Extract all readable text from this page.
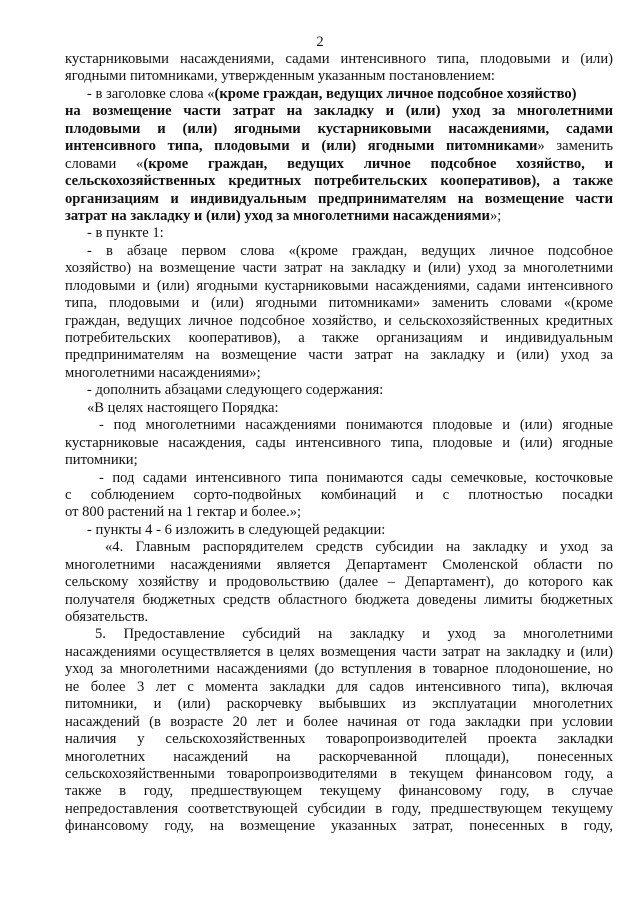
2
кустарниковыми насаждениями, садами интенсивного типа, плодовыми и (или)
ягодными питомниками, утвержденным указанным постановлением:
- в заголовке слова «(кроме граждан, ведущих личное подсобное хозяйство)
на возмещение части затрат на закладку и (или) уход за многолетними
плодовыми и (или) ягодными кустарниковыми насаждениями, садами
интенсивного типа, плодовыми и (или) ягодными питомниками» заменить
словами «(кроме граждан, ведущих личное подсобное хозяйство, и
сельскохозяйственных кредитных потребительских кооперативов), а также
организациям и индивидуальным предпринимателям на возмещение части
затрат на закладку и (или) уход за многолетними насаждениями»;
- в пункте 1:
- в абзаце первом слова «(кроме граждан, ведущих личное подсобное
хозяйство) на возмещение части затрат на закладку и (или) уход за многолетними
плодовыми и (или) ягодными кустарниковыми насаждениями, садами интенсивного
типа, плодовыми и (или) ягодными питомниками» заменить словами «(кроме
граждан, ведущих личное подсобное хозяйство, и сельскохозяйственных кредитных
потребительских кооперативов), а также организациям и индивидуальным
предпринимателям на возмещение части затрат на закладку и (или) уход за
многолетними насаждениями»;
- дополнить абзацами следующего содержания:
«В целях настоящего Порядка:
- под многолетними насаждениями понимаются плодовые и (или) ягодные
кустарниковые насаждения, сады интенсивного типа, плодовые и (или) ягодные
питомники;
- под садами интенсивного типа понимаются сады семечковые, косточковые
с соблюдением сорто-подвойных комбинаций и с плотностью посадки
от 800 растений на 1 гектар и более.»;
- пункты 4 - 6 изложить в следующей редакции:
«4. Главным распорядителем средств субсидии на закладку и уход за
многолетними насаждениями является Департамент Смоленской области по
сельскому хозяйству и продовольствию (далее – Департамент), до которого как
получателя бюджетных средств областного бюджета доведены лимиты бюджетных
обязательств.
5. Предоставление субсидий на закладку и уход за многолетними
насаждениями осуществляется в целях возмещения части затрат на закладку и (или)
уход за многолетними насаждениями (до вступления в товарное плодоношение, но
не более 3 лет с момента закладки для садов интенсивного типа), включая
питомники, и (или) раскорчевку выбывших из эксплуатации многолетних
насаждений (в возрасте 20 лет и более начиная от года закладки при условии
наличия у сельскохозяйственных товаропроизводителей проекта закладки
многолетних насаждений на раскорчеванной площади), понесенных
сельскохозяйственными товаропроизводителями в текущем финансовом году, а
также в году, предшествующем текущему финансовому году, в случае
непредоставления соответствующей субсидии в году, предшествующем текущему
финансовому году, на возмещение указанных затрат, понесенных в году,
